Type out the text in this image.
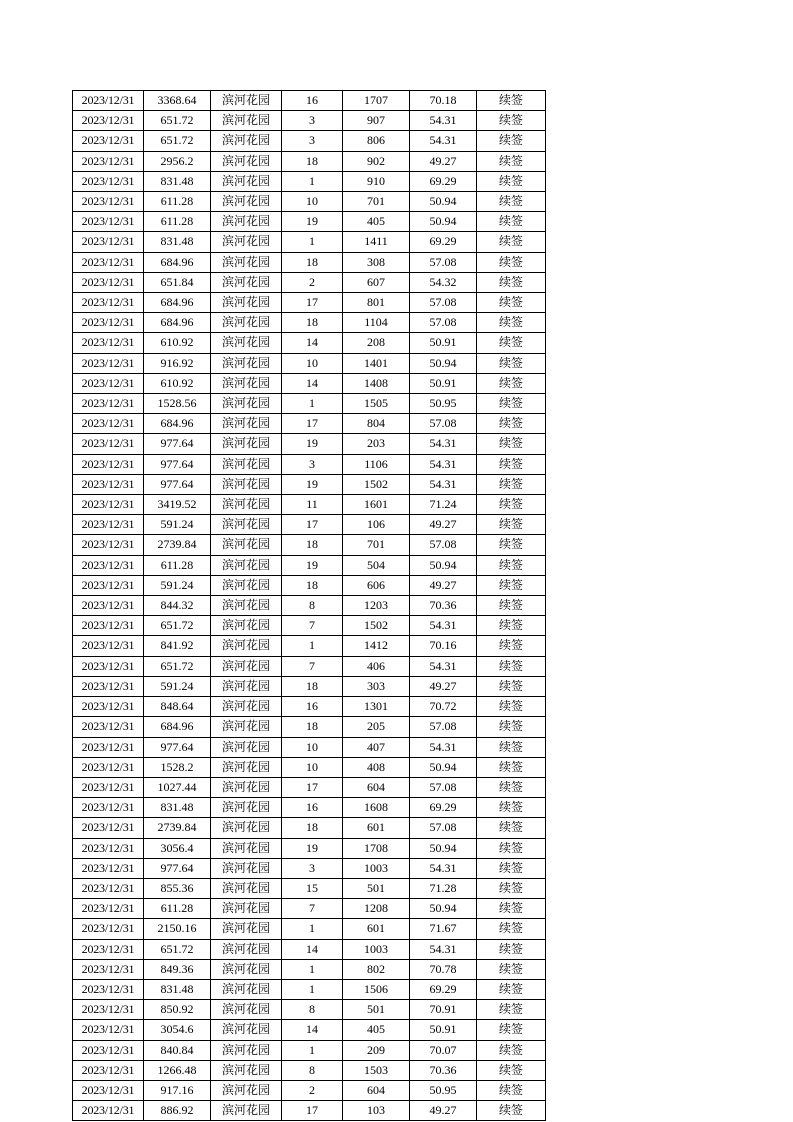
2023/12/31	3368.64	滨河花园	16	1707	70.18	续签
2023/12/31	651.72	滨河花园	3	907	54.31	续签
2023/12/31	651.72	滨河花园	3	806	54.31	续签
2023/12/31	2956.2	滨河花园	18	902	49.27	续签
2023/12/31	831.48	滨河花园	1	910	69.29	续签
2023/12/31	611.28	滨河花园	10	701	50.94	续签
2023/12/31	611.28	滨河花园	19	405	50.94	续签
2023/12/31	831.48	滨河花园	1	1411	69.29	续签
2023/12/31	684.96	滨河花园	18	308	57.08	续签
2023/12/31	651.84	滨河花园	2	607	54.32	续签
2023/12/31	684.96	滨河花园	17	801	57.08	续签
2023/12/31	684.96	滨河花园	18	1104	57.08	续签
2023/12/31	610.92	滨河花园	14	208	50.91	续签
2023/12/31	916.92	滨河花园	10	1401	50.94	续签
2023/12/31	610.92	滨河花园	14	1408	50.91	续签
2023/12/31	1528.56	滨河花园	1	1505	50.95	续签
2023/12/31	684.96	滨河花园	17	804	57.08	续签
2023/12/31	977.64	滨河花园	19	203	54.31	续签
2023/12/31	977.64	滨河花园	3	1106	54.31	续签
2023/12/31	977.64	滨河花园	19	1502	54.31	续签
2023/12/31	3419.52	滨河花园	11	1601	71.24	续签
2023/12/31	591.24	滨河花园	17	106	49.27	续签
2023/12/31	2739.84	滨河花园	18	701	57.08	续签
2023/12/31	611.28	滨河花园	19	504	50.94	续签
2023/12/31	591.24	滨河花园	18	606	49.27	续签
2023/12/31	844.32	滨河花园	8	1203	70.36	续签
2023/12/31	651.72	滨河花园	7	1502	54.31	续签
2023/12/31	841.92	滨河花园	1	1412	70.16	续签
2023/12/31	651.72	滨河花园	7	406	54.31	续签
2023/12/31	591.24	滨河花园	18	303	49.27	续签
2023/12/31	848.64	滨河花园	16	1301	70.72	续签
2023/12/31	684.96	滨河花园	18	205	57.08	续签
2023/12/31	977.64	滨河花园	10	407	54.31	续签
2023/12/31	1528.2	滨河花园	10	408	50.94	续签
2023/12/31	1027.44	滨河花园	17	604	57.08	续签
2023/12/31	831.48	滨河花园	16	1608	69.29	续签
2023/12/31	2739.84	滨河花园	18	601	57.08	续签
2023/12/31	3056.4	滨河花园	19	1708	50.94	续签
2023/12/31	977.64	滨河花园	3	1003	54.31	续签
2023/12/31	855.36	滨河花园	15	501	71.28	续签
2023/12/31	611.28	滨河花园	7	1208	50.94	续签
2023/12/31	2150.16	滨河花园	1	601	71.67	续签
2023/12/31	651.72	滨河花园	14	1003	54.31	续签
2023/12/31	849.36	滨河花园	1	802	70.78	续签
2023/12/31	831.48	滨河花园	1	1506	69.29	续签
2023/12/31	850.92	滨河花园	8	501	70.91	续签
2023/12/31	3054.6	滨河花园	14	405	50.91	续签
2023/12/31	840.84	滨河花园	1	209	70.07	续签
2023/12/31	1266.48	滨河花园	8	1503	70.36	续签
2023/12/31	917.16	滨河花园	2	604	50.95	续签
2023/12/31	886.92	滨河花园	17	103	49.27	续签
